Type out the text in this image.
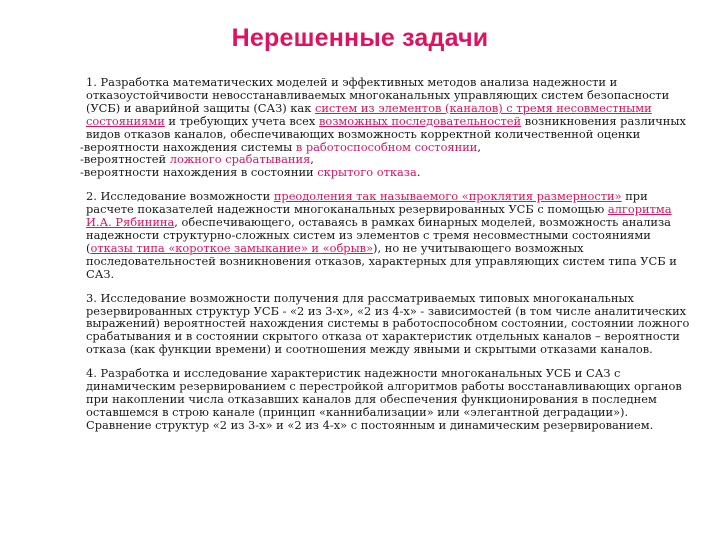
Нерешенные задачи

1. Разработка математических моделей и эффективных методов анализа надежности и отказоустойчивости невосстанавливаемых многоканальных управляющих систем безопасности (УСБ) и аварийной защиты (САЗ) как систем из элементов (каналов) с тремя несовместными состояниями и требующих учета всех возможных последовательностей возникновения различных видов отказов каналов, обеспечивающих возможность корректной количественной оценки

-вероятности нахождения системы в работоспособном состоянии,

-вероятностей ложного срабатывания,

-вероятности нахождения в состоянии скрытого отказа.

2. Исследование возможности преодоления так называемого «проклятия размерности» при расчете показателей надежности многоканальных резервированных УСБ с помощью алгоритма И.А. Рябинина, обеспечивающего, оставаясь в рамках бинарных моделей, возможность анализа надежности структурно-сложных систем из элементов с тремя несовместными состояниями (отказы типа «короткое замыкание» и «обрыв»), но не учитывающего возможных последовательностей возникновения отказов, характерных для управляющих систем типа УСБ и САЗ.

3. Исследование возможности получения для рассматриваемых типовых многоканальных резервированных структур УСБ - «2 из 3-х», «2 из 4-х» - зависимостей (в том числе аналитических выражений) вероятностей нахождения системы в работоспособном состоянии, состоянии ложного срабатывания и в состоянии скрытого отказа от характеристик отдельных каналов – вероятности отказа (как функции времени) и соотношения между явными и скрытыми отказами каналов.

4. Разработка и исследование характеристик надежности многоканальных УСБ и САЗ с динамическим резервированием с перестройкой алгоритмов работы восстанавливающих органов при накоплении числа отказавших каналов для обеспечения функционирования в последнем оставшемся в строю канале (принцип «каннибализации» или «элегантной деградации»). Сравнение структур «2 из 3-х» и «2 из 4-х» с постоянным и динамическим резервированием.
